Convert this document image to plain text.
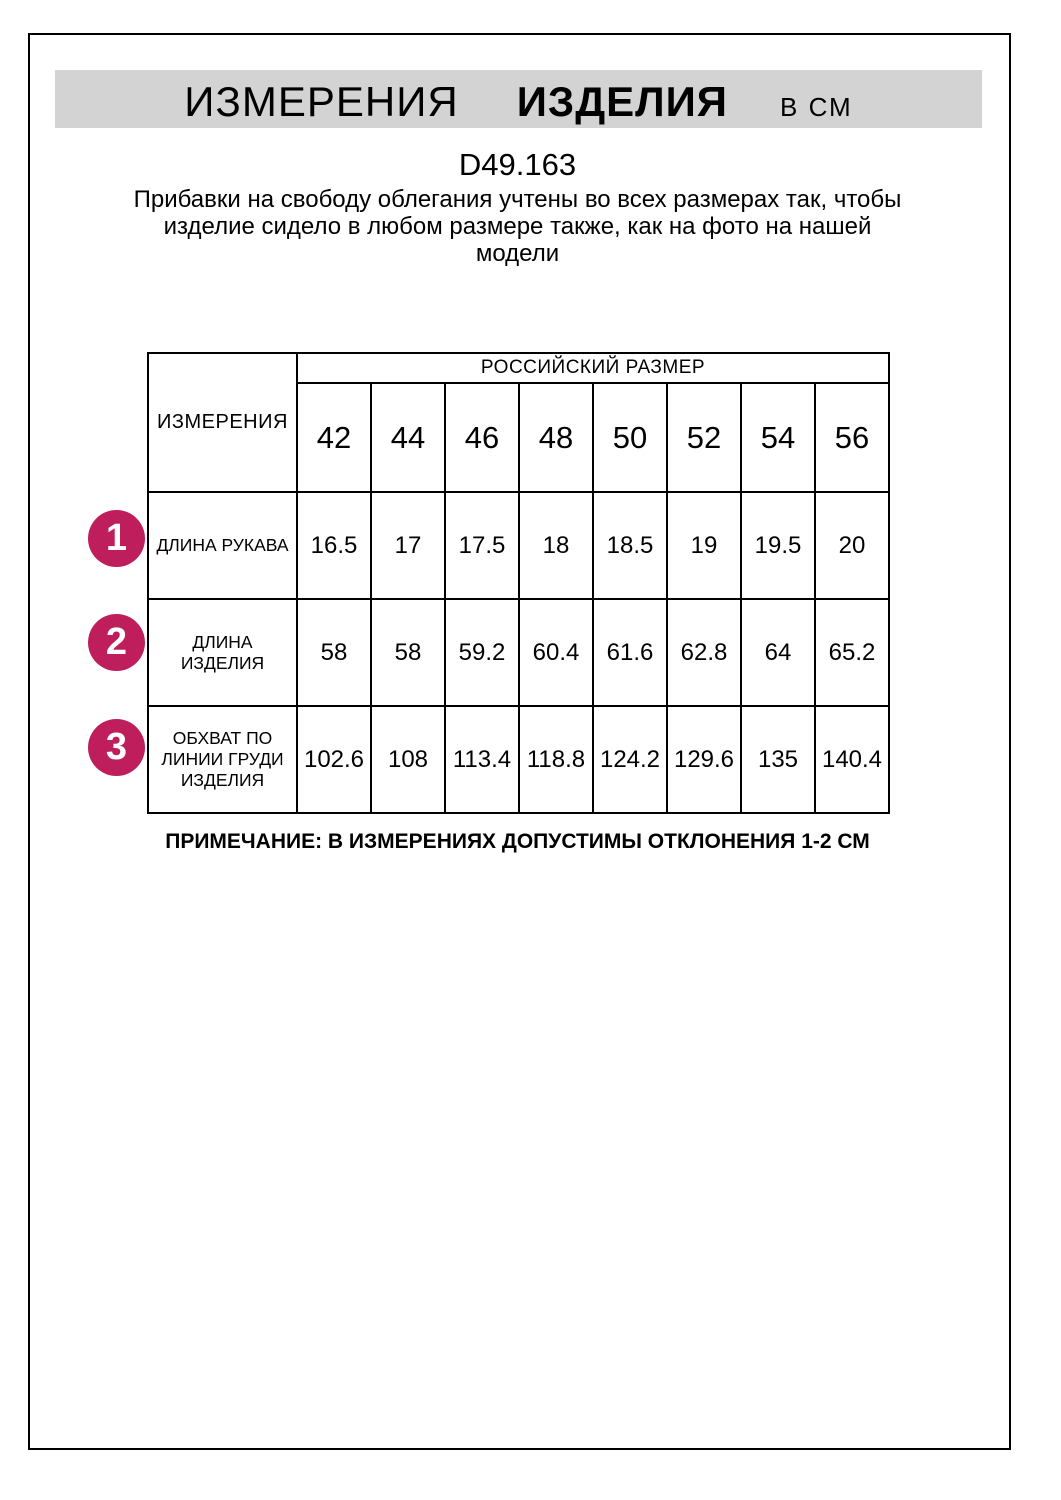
ИЗМЕРЕНИЯ ИЗДЕЛИЯ В СМ
D49.163
Прибавки на свободу облегания учтены во всех размерах так, чтобы
изделие сидело в любом размере также, как на фото на нашей
модели
ИЗМЕРЕНИЯ	РОССИЙСКИЙ РАЗМЕР							
	42	44	46	48	50	52	54	56
ДЛИНА РУКАВА	16.5	17	17.5	18	18.5	19	19.5	20
ДЛИНА ИЗДЕЛИЯ	58	58	59.2	60.4	61.6	62.8	64	65.2
ОБХВАТ ПО ЛИНИИ ГРУДИ ИЗДЕЛИЯ	102.6	108	113.4	118.8	124.2	129.6	135	140.4
1
2
3
ПРИМЕЧАНИЕ: В ИЗМЕРЕНИЯХ ДОПУСТИМЫ ОТКЛОНЕНИЯ 1-2 СМ
